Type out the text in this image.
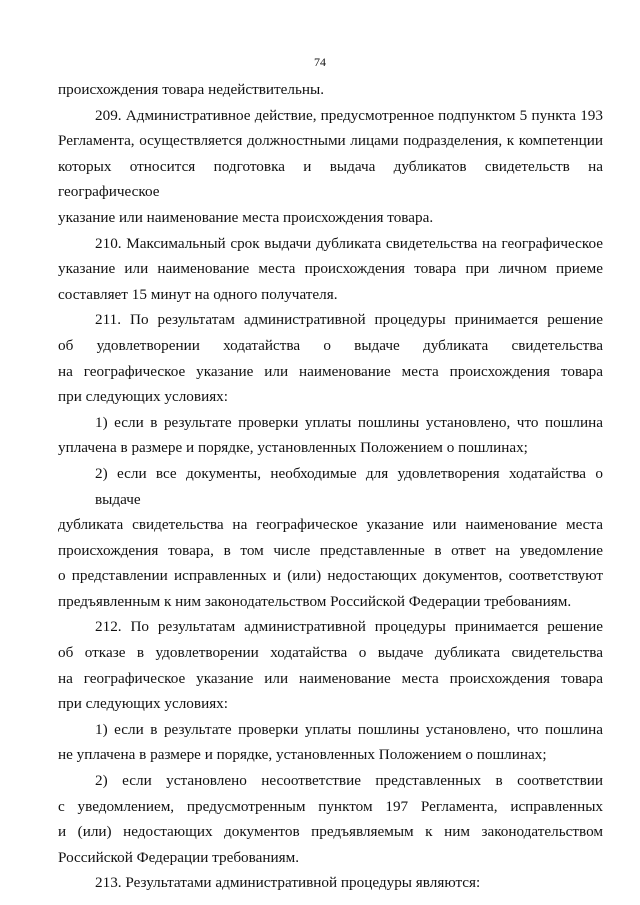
74

происхождения товара недействительны.

209. Административное действие, предусмотренное подпунктом 5 пункта 193

Регламента, осуществляется должностными лицами подразделения, к компетенции

которых относится подготовка и выдача дубликатов свидетельств на географическое

указание или наименование места происхождения товара.

210. Максимальный срок выдачи дубликата свидетельства на географическое

указание или наименование места происхождения товара при личном приеме

составляет 15 минут на одного получателя.

211. По результатам административной процедуры принимается решение

об удовлетворении ходатайства о выдаче дубликата свидетельства

на географическое указание или наименование места происхождения товара

при следующих условиях:

1) если в результате проверки уплаты пошлины установлено, что пошлина

уплачена в размере и порядке, установленных Положением о пошлинах;

2) если все документы, необходимые для удовлетворения ходатайства о выдаче

дубликата свидетельства на географическое указание или наименование места

происхождения товара, в том числе представленные в ответ на уведомление

о представлении исправленных и (или) недостающих документов, соответствуют

предъявленным к ним законодательством Российской Федерации требованиям.

212. По результатам административной процедуры принимается решение

об отказе в удовлетворении ходатайства о выдаче дубликата свидетельства

на географическое указание или наименование места происхождения товара

при следующих условиях:

1) если в результате проверки уплаты пошлины установлено, что пошлина

не уплачена в размере и порядке, установленных Положением о пошлинах;

2) если установлено несоответствие представленных в соответствии

с уведомлением, предусмотренным пунктом 197 Регламента, исправленных

и (или) недостающих документов предъявляемым к ним законодательством

Российской Федерации требованиям.

213. Результатами административной процедуры являются:
